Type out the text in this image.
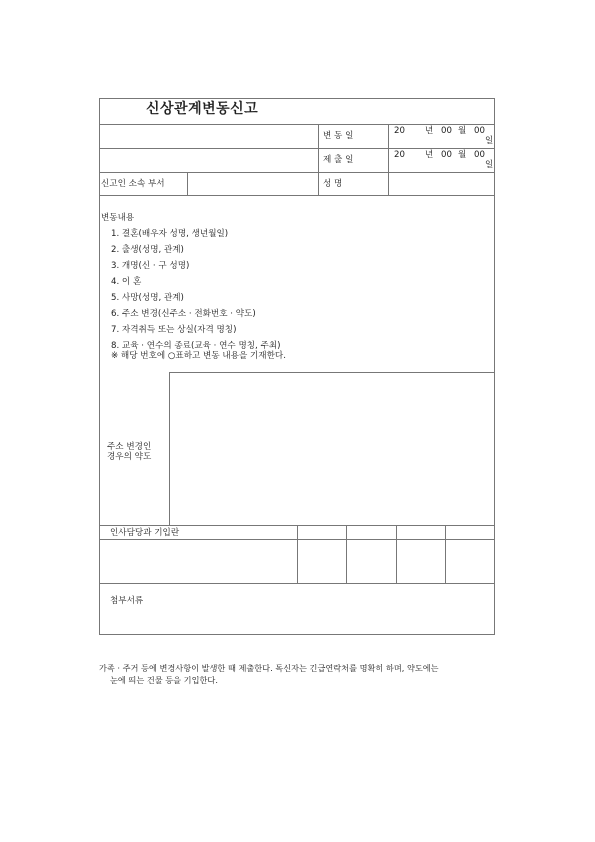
신상관계변동신고
변 동 일	20 년 00 월 00
일
제 출 일	20 년 00 월 00
일
신고인 소속 부서	성 명
변동내용
1. 결혼(배우자 성명, 생년월일)
2. 출생(성명, 관계)
3. 개명(신 · 구 성명)
4. 이 혼
5. 사망(성명, 관계)
6. 주소 변경(신주소 · 전화번호 · 약도)
7. 자격취득 또는 상실(자격 명칭)
8. 교육 · 연수의 종료(교육 · 연수 명칭, 주최)
※ 해당 번호에 ○표하고 변동 내용을 기재한다.
주소 변경인
경우의 약도
인사담당과 기입란
첨부서류
가족 · 주거 등에 변경사항이 발생한 때 제출한다. 독신자는 긴급연락처를 명확히 하며, 약도에는
눈에 띄는 건물 등을 기입한다.
